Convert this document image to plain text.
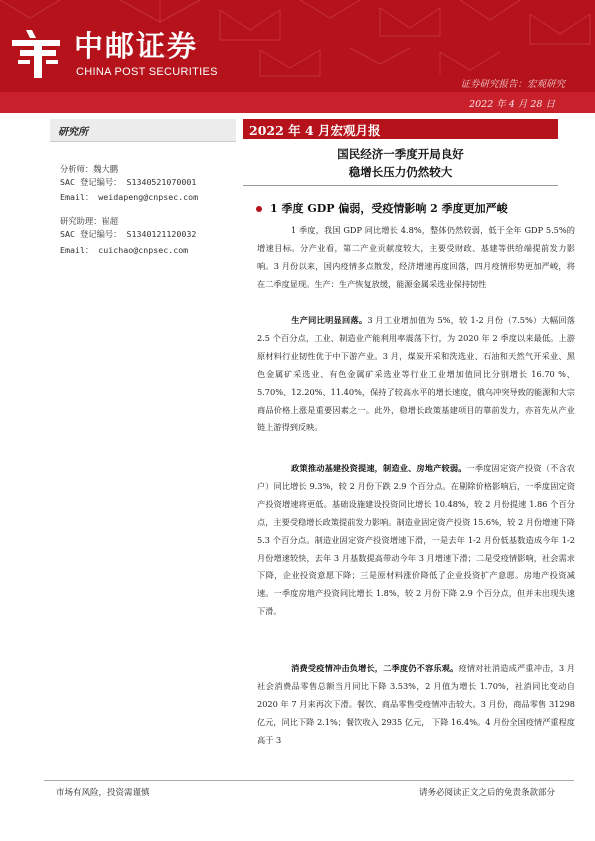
中邮证券
CHINA POST SECURITIES
证券研究报告：宏观研究
2022 年 4 月 28 日
研究所
分析师：魏大鹏
SAC 登记编号： S1340521070001
Email： weidapeng@cnpsec.com
研究助理：崔超
SAC 登记编号： S1340121120032
Email： cuichao@cnpsec.com
2022 年 4 月宏观月报
国民经济一季度开局良好
稳增长压力仍然较大
1 季度 GDP 偏弱，受疫情影响 2 季度更加严峻
1 季度，我国 GDP 同比增长 4.8%，整体仍然较弱，低于全年 GDP 5.5%的增速目标。分产业看，第二产业贡献度较大，主要受财政、基建等供给端提前发力影响。3 月份以来，国内疫情多点散发，经济增速再度回落，四月疫情形势更加严峻，将在二季度显现。生产：生产恢复放缓，能源金属采选业保持韧性
生产同比明显回落。3 月工业增加值为 5%，较 1-2 月份（7.5%）大幅回落 2.5 个百分点，工业、制造业产能利用率震荡下行，为 2020 年 2 季度以来最低。上游原材料行业韧性优于中下游产业。3 月，煤炭开采和洗选业、石油和天然气开采业、黑色金属矿采选业、有色金属矿采选业等行业工业增加值同比分别增长 16.70 %、5.70%、12.20%、11.40%，保持了较高水平的增长速度，俄乌冲突导致的能源和大宗商品价格上涨是重要因素之一。此外，稳增长政策基建项目的靠前发力，亦首先从产业链上游得到反映。
政策推动基建投资提速，制造业、房地产较弱。一季度固定资产投资（不含农户）同比增长 9.3%，较 2 月份下跌 2.9 个百分点。在剔除价格影响后，一季度固定资产投资增速将更低。基础设施建设投资同比增长 10.48%，较 2 月份提速 1.86 个百分点，主要受稳增长政策提前发力影响。制造业固定资产投资 15.6%，较 2 月份增速下降 5.3 个百分点。制造业固定资产投资增速下滑，一是去年 1-2 月份低基数造成今年 1-2 月份增速较快，去年 3 月基数提高带动今年 3 月增速下滑；二是受疫情影响，社会需求下降，企业投资意愿下降；三是原材料涨价降低了企业投资扩产意愿。房地产投资减速。一季度房地产投资同比增长 1.8%，较 2 月份下降 2.9 个百分点，但并未出现失速下滑。
消费受疫情冲击负增长，二季度仍不容乐观。疫情对社消造成严重冲击，3 月社会消费品零售总额当月同比下降 3.53%，2 月值为增长 1.70%，社消同比变动自 2020 年 7 月来再次下滑。餐饮、商品零售受疫情冲击较大。3 月份，商品零售 31298 亿元，同比下降 2.1%；餐饮收入 2935 亿元， 下降 16.4%。4 月份全国疫情严重程度高于 3
市场有风险，投资需谨慎	请务必阅读正文之后的免责条款部分
